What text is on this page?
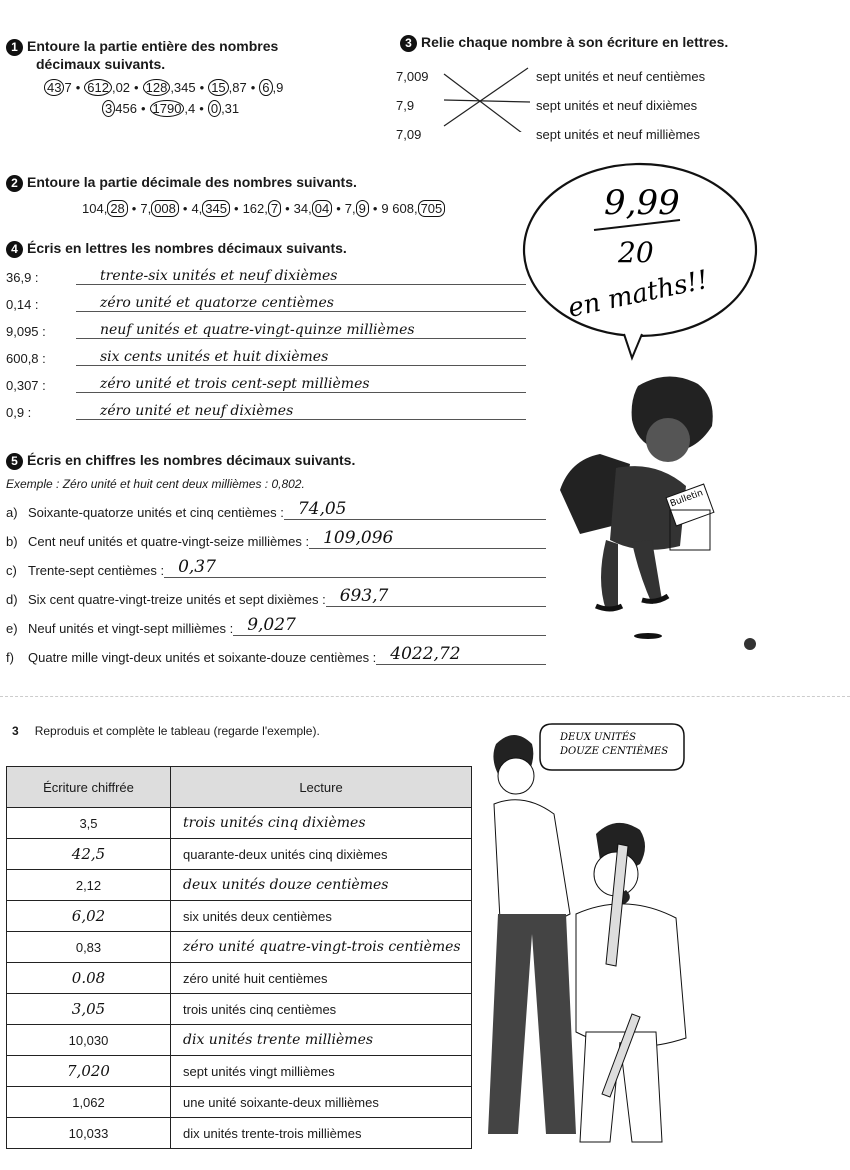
1 Entoure la partie entière des nombres
décimaux suivants.
43 7 • 612 ,02 • 128 ,345 • 15 ,87 • 6 ,9
3 456 • 1790 ,4 • 0 ,31
3 Relie chaque nombre à son écriture en lettres.
7,009
7,9
7,09
sept unités et neuf centièmes
sept unités et neuf dixièmes
sept unités et neuf millièmes
2 Entoure la partie décimale des nombres suivants.
104, 28 • 7, 008 • 4, 345 • 162, 7 • 34, 04 • 7, 9 • 9 608, 705
4 Écris en lettres les nombres décimaux suivants.
36,9 :	trente-six unités et neuf dixièmes
0,14 :	zéro unité et quatorze centièmes
9,095 :	neuf unités et quatre-vingt-quinze millièmes
600,8 :	six cents unités et huit dixièmes
0,307 :	zéro unité et trois cent-sept millièmes
0,9 :	zéro unité et neuf dixièmes
5 Écris en chiffres les nombres décimaux suivants.
Exemple : Zéro unité et huit cent deux millièmes : 0,802.
a) Soixante-quatorze unités et cinq centièmes : 74,05
b) Cent neuf unités et quatre-vingt-seize millièmes : 109,096
c) Trente-sept centièmes : 0,37
d) Six cent quatre-vingt-treize unités et sept dixièmes : 693,7
e) Neuf unités et vingt-sept millièmes : 9,027
f)	Quatre mille vingt-deux unités et soixante-douze centièmes : 4022,72
9,99
20
en maths!!
Bulletin
3 Reproduis et complète le tableau (regarde l'exemple).
Écriture chiffrée	Lecture
3,5	trois unités cinq dixièmes
42,5	quarante-deux unités cinq dixièmes
2,12	deux unités douze centièmes
6,02	six unités deux centièmes
0,83	zéro unité quatre-vingt-trois centièmes
0.08	zéro unité huit centièmes
3,05	trois unités cinq centièmes
10,030	dix unités trente millièmes
7,020	sept unités vingt millièmes
1,062	une unité soixante-deux millièmes
10,033	dix unités trente-trois millièmes
DEUX UNITÉS
DOUZE CENTIÈMES
